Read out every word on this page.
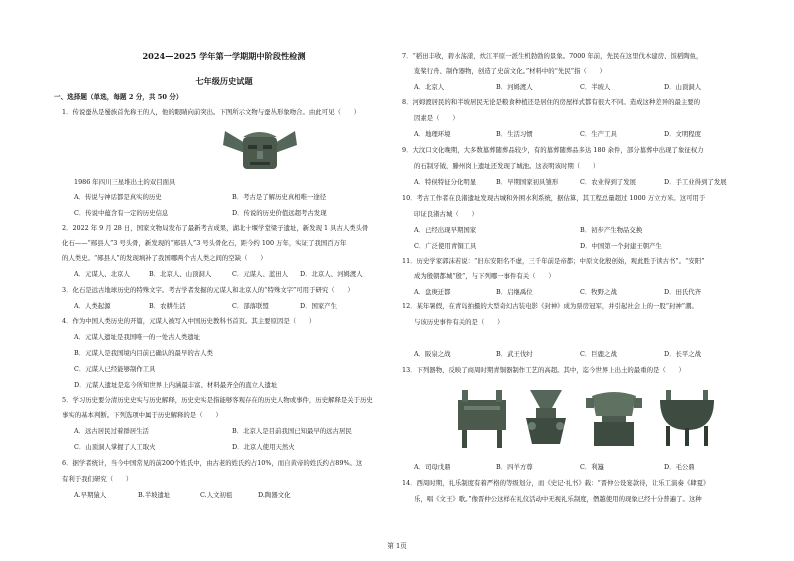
2024—2025 学年第一学期期中阶段性检测
七年级历史试题
一、选择题（单选，每题 2 分，共 50 分）
1．传说蚕丛是蜀族首先称王的人，他的眼睛向前突出。下图所示文物与蚕丛形象吻合。由此可见（　　）
1986 年四川三星堆出土的双目面具
A．传说与神话都是真实的历史	B．考古是了解历史真相唯一途径
C．传说中蕴含有一定的历史信息	D．传说的历史价值远超考古发现
2．2022 年 9 月 28 日，国家文物局发布了最新考古成果，湖北十堰学堂梁子遗址，新发现 1 具古人类头骨
化石——“郧县人”3 号头骨，新发现的“郧县人”3 号头骨化石，距今约 100 万年，实证了我国百万年
的人类史。“郧县人”的发现填补了我国哪两个古人类之间的空缺（　　）
A．元谋人、北京人	B．北京人、山顶洞人	C．元谋人、蓝田人 D．北京人、河姆渡人
3．化石是远古地球历史的特殊文字。考古学者发掘的元谋人和北京人的“特殊文字”可用于研究（　　）
A．人类起源	B．农耕生活	C．部落联盟	D．国家产生
4．作为中国人类历史的开篇，元谋人被写入中国历史教科书首页。其主要原因是（　　）
A．元谋人遗址是我国唯一的一处古人类遗址
B．元谋人是我国境内目前已确认的最早的古人类
C．元谋人已经能够制作工具
D．元谋人遗址是迄今所知世界上内涵最丰富、材料最齐全的直立人遗址
5．学习历史要分清历史史实与历史解释，历史史实是指能够客观存在的历史人物或事件，历史解释是关于历史
事实的基本判断。下列选项中属于历史解释的是（　　）
A．远古居民过着群居生活	B．北京人是目前我国已知最早的远古居民
C．山顶洞人掌握了人工取火	D．北京人使用天然火
6．据学者统计，当今中国常见的前200个姓氏中，由古老的姓氏约占10%，而自黄帝的姓氏约占89%。这
有利于我们研究（　　）
A.早期猿人	B.半坡遗址	C.人文初祖	D.陶器文化
7．“稻田丰收，碧水荡漾，炊江平原一派生机勃勃的景象。7000 年前，先民在这里伐木建房、饭稻陶鱼，
览桨行舟、制作器物，创造了史前文化。”材料中的“先民”指（　　）
A．北京人	B．河姆渡人	C．半坡人	D．山顶洞人
8．河姆渡居民的和半坡居民无论是粮食种植还是居住的房屋样式都有很大不同。造成这种差异的最主要的
因素是（　　）
A．地理环境	B．生活习惯	C．生产工具	D．文明程度
9．大汶口文化晚期，大多数墓葬随葬品较少，有的墓葬随葬品多达 180 余件，部分墓葬中出现了象征权力
的石制牙钺，滕州岗上遗址还发现了城池。这表明该时期（　　）
A．特侯特征分化明显	B．早期国家初具雏形	C．农业得到了发展	D．手工业得到了发展
10．考古工作者在良渚遗址发现古城和外围水利系统，据估算，其工程总量超过 1000 万立方米。这可用于
印证良渚古城（　　）
A．已经出现早期国家	B．初步产生物品交换
C．广泛使用青铜工具	D．中国第一个封建王朝产生
11．历史学家郭沫若说：“旧东安阳名不虚，三千年前是帝都；中原文化殷创始，观此胜于读古书”。“安阳”
成为殷朝都城“殷”，与下列哪一事件有关（　　）
A．盘庚迁都	B．启继禹位	C．牧野之战	D．田氏代齐
12．某年暑假，在青岛拍摄的大型奇幻古装电影《封神》成为票房冠军，并引起社会上的一股“封神”潮。
与该历史事件有关的是（　　）
A．阪泉之战	B．武王伐纣	C．巨鹿之战	D．长平之战
13．下列器物，反映了商周时期青铜器制作工艺的高超。其中，迄今世界上出土的最重的是（　　）
A．司母戊鼎	B．四羊方尊	C．利簋	D．毛公鼎
14．西周时期，礼乐制度有着严格的等级划分，而《史记·礼书》载：“晋仲公设宴款待，让乐工演奏《肆夏》
乐，唱《文王》歌。”像晋仲公这样在礼仪活动中无视礼乐制度，僭越使用的现象已经十分普遍了。这种
第 1页
